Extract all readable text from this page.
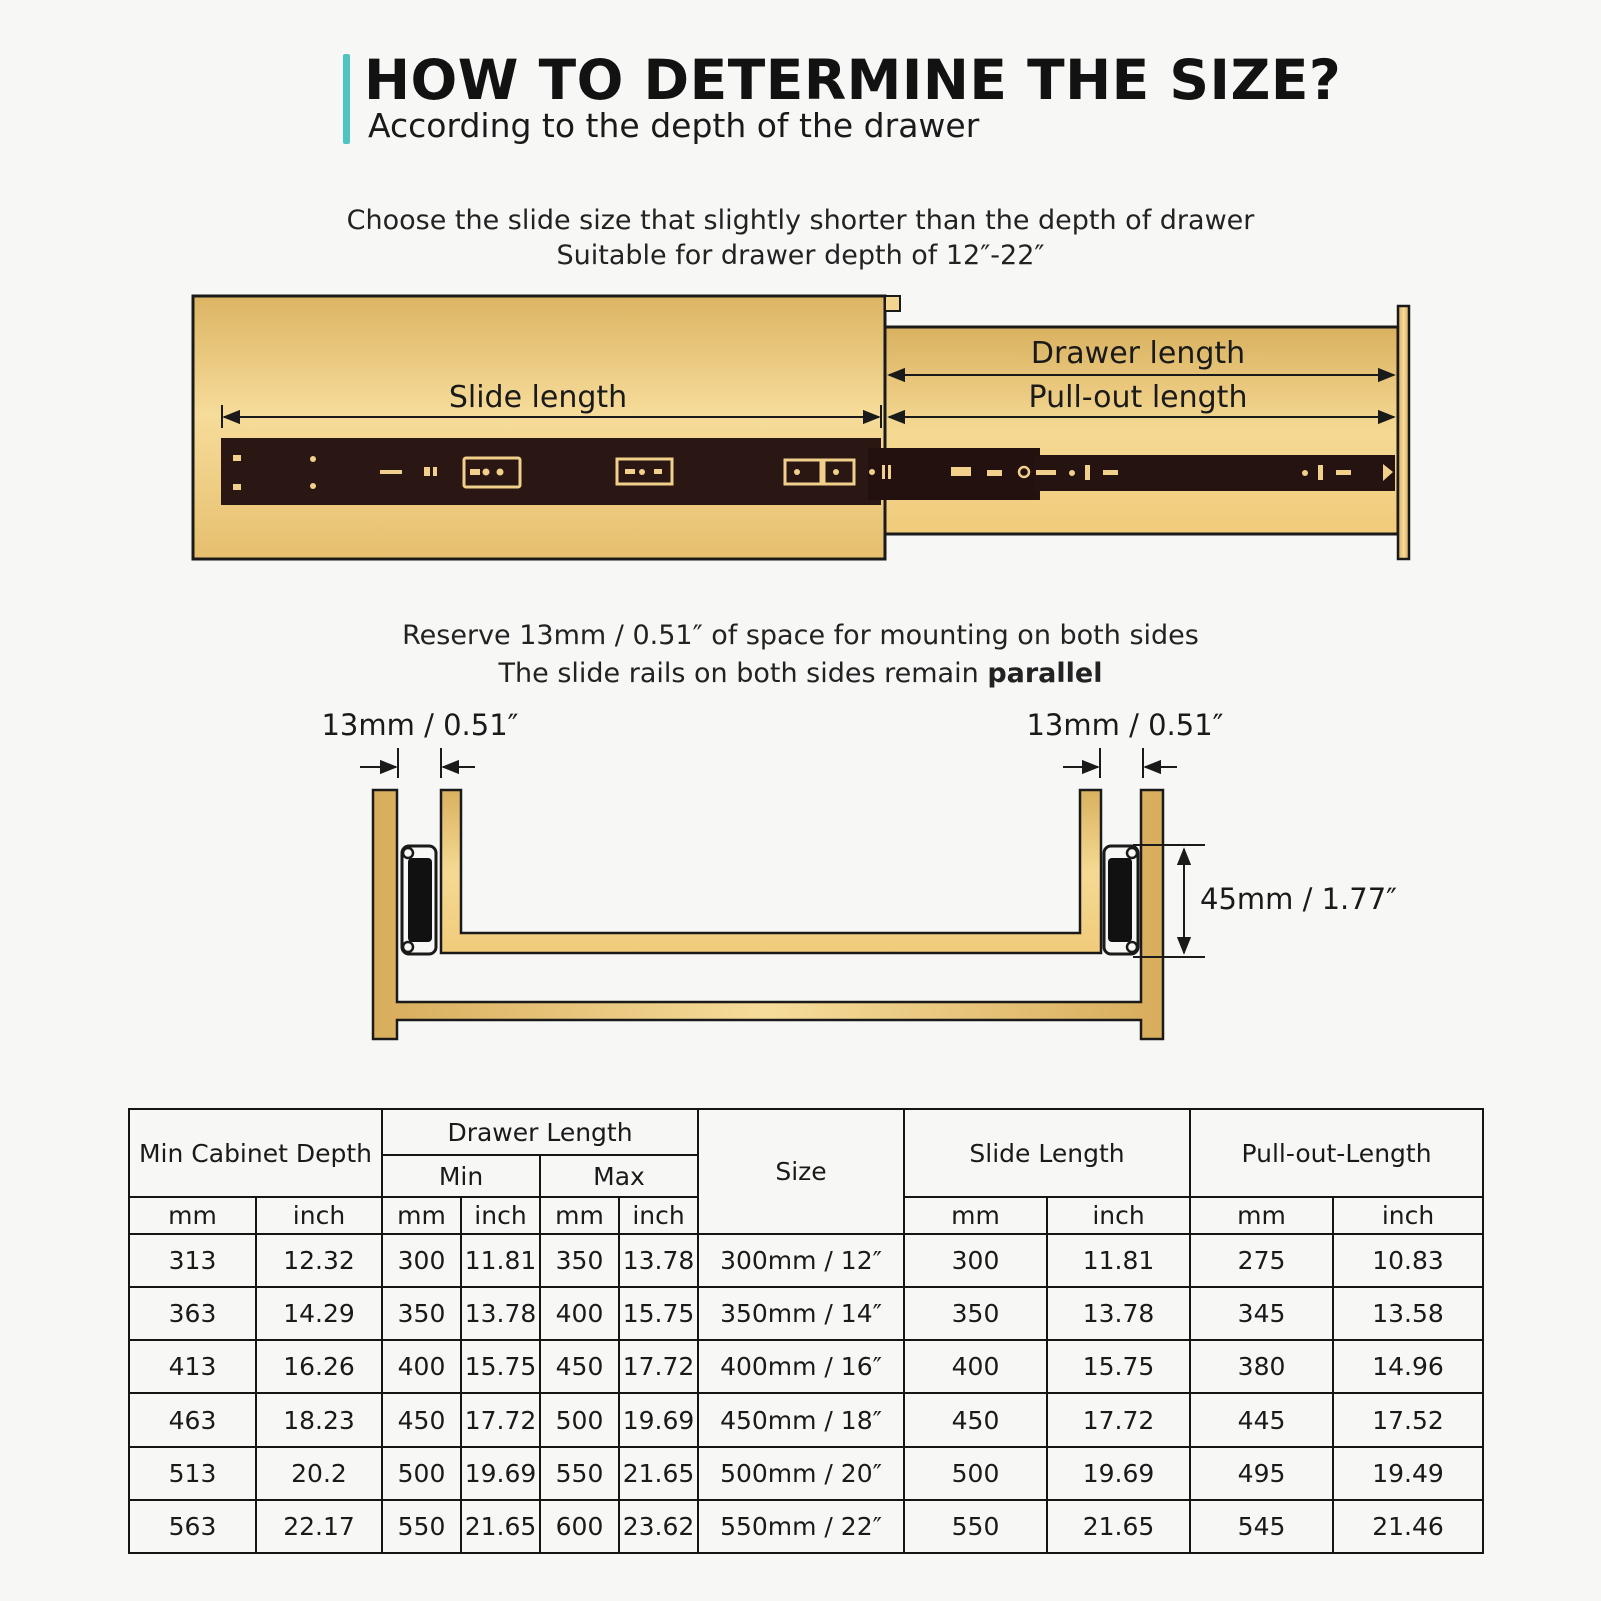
HOW TO DETERMINE THE SIZE?
According to the depth of the drawer
Choose the slide size that slightly shorter than the depth of drawer
Suitable for drawer depth of 12″-22″
Slide length
Drawer length
Pull-out length
13mm / 0.51″	13mm / 0.51″
45mm / 1.77″
Reserve 13mm / 0.51″ of space for mounting on both sides
The slide rails on both sides remain parallel
Min Cabinet Depth		Drawer Length				Size	Slide Length		Pull-out-Length	
		Min		Max						
mm	inch	mm	inch	mm	inch		mm	inch	mm	inch
313	12.32	300	11.81	350	13.78	300mm / 12″	300	11.81	275	10.83
363	14.29	350	13.78	400	15.75	350mm / 14″	350	13.78	345	13.58
413	16.26	400	15.75	450	17.72	400mm / 16″	400	15.75	380	14.96
463	18.23	450	17.72	500	19.69	450mm / 18″	450	17.72	445	17.52
513	20.2	500	19.69	550	21.65	500mm / 20″	500	19.69	495	19.49
563	22.17	550	21.65	600	23.62	550mm / 22″	550	21.65	545	21.46
